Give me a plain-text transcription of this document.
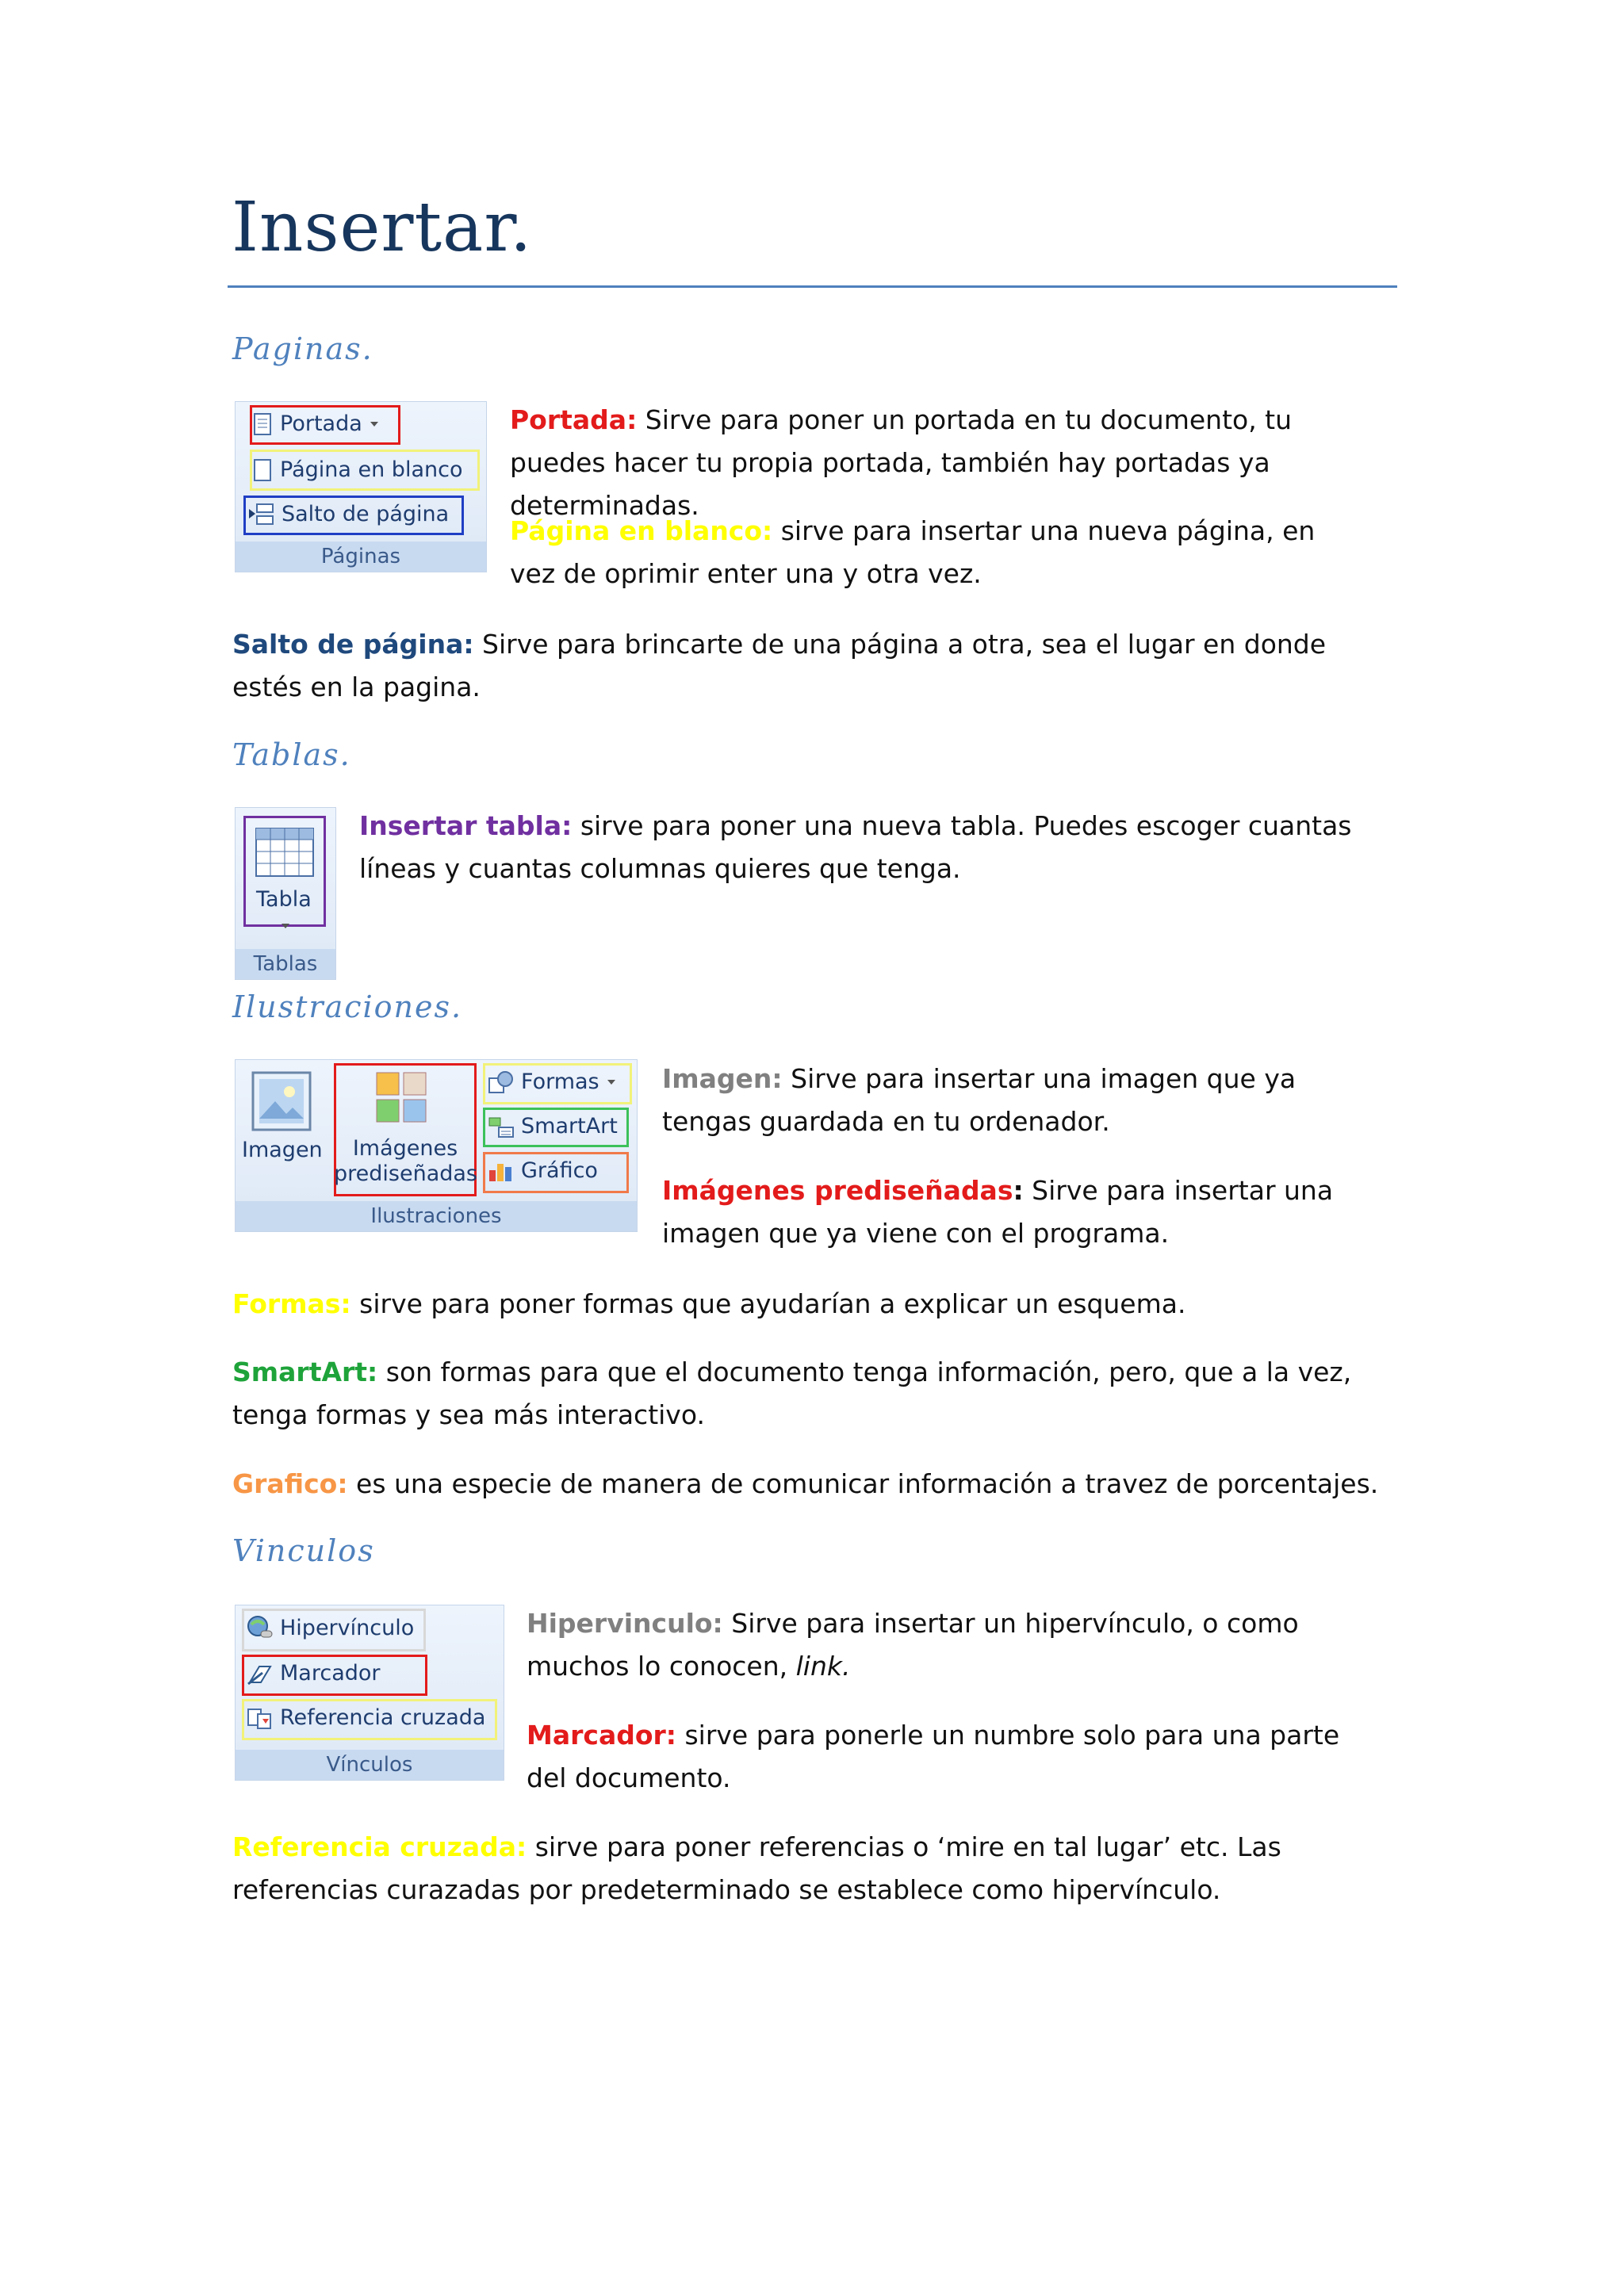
Insertar.
Paginas.
Portada
Página en blanco
Salto de página
Páginas
Portada: Sirve para poner un portada en tu documento, tu puedes hacer tu propia portada, también hay portadas ya determinadas.
Página en blanco: sirve para insertar una nueva página, en vez de oprimir enter una y otra vez.
Salto de página: Sirve para brincarte de una página a otra, sea el lugar en donde estés en la pagina.
Tablas.
Tabla
Tablas
Insertar tabla: sirve para poner una nueva tabla. Puedes escoger cuantas líneas y cuantas columnas quieres que tenga.
Ilustraciones.
Imagen	Imágenes
prediseñadas
Formas
SmartArt
Gráfico
Ilustraciones
Imagen: Sirve para insertar una imagen que ya tengas guardada en tu ordenador.
Imágenes prediseñadas: Sirve para insertar una imagen que ya viene con el programa.
Formas: sirve para poner formas que ayudarían a explicar un esquema.
SmartArt: son formas para que el documento tenga información, pero, que a la vez, tenga formas y sea más interactivo.
Grafico: es una especie de manera de comunicar información a travez de porcentajes.
Vinculos
Hipervínculo
Marcador
Referencia cruzada
Vínculos
Hipervinculo: Sirve para insertar un hipervínculo, o como muchos lo conocen, link.
Marcador: sirve para ponerle un numbre solo para una parte del documento.
Referencia cruzada: sirve para poner referencias o ‘mire en tal lugar’ etc. Las referencias curazadas por predeterminado se establece como hipervínculo.
